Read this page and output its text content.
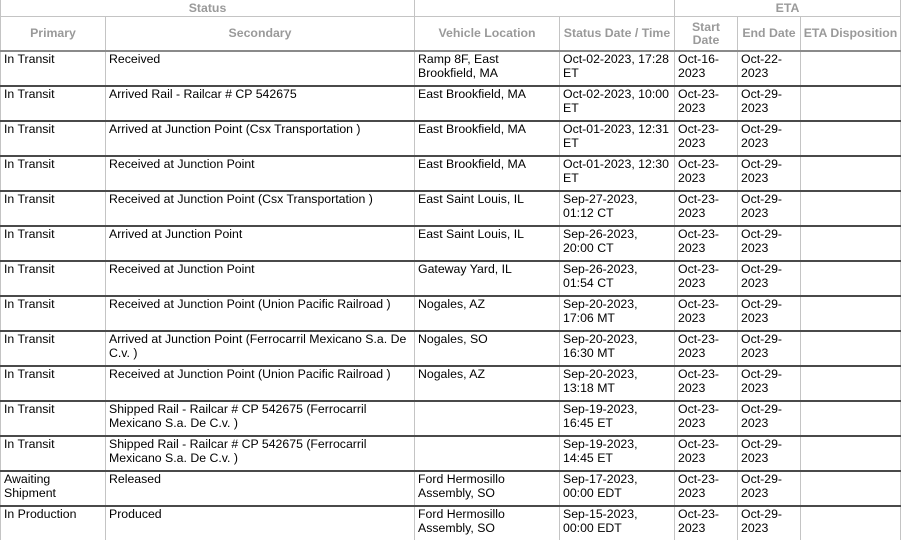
Status				ETA		
Primary	Secondary	Vehicle Location	Status Date / Time	Start Date	End Date	ETA Disposition
In Transit	Received	Ramp 8F, East Brookfield, MA	Oct-02-2023, 17:28 ET	Oct-16-2023	Oct-22-2023	
In Transit	Arrived Rail - Railcar # CP 542675	East Brookfield, MA	Oct-02-2023, 10:00 ET	Oct-23-2023	Oct-29-2023	
In Transit	Arrived at Junction Point (Csx Transportation )	East Brookfield, MA	Oct-01-2023, 12:31 ET	Oct-23-2023	Oct-29-2023	
In Transit	Received at Junction Point	East Brookfield, MA	Oct-01-2023, 12:30 ET	Oct-23-2023	Oct-29-2023	
In Transit	Received at Junction Point (Csx Transportation )	East Saint Louis, IL	Sep-27-2023, 01:12 CT	Oct-23-2023	Oct-29-2023	
In Transit	Arrived at Junction Point	East Saint Louis, IL	Sep-26-2023, 20:00 CT	Oct-23-2023	Oct-29-2023	
In Transit	Received at Junction Point	Gateway Yard, IL	Sep-26-2023, 01:54 CT	Oct-23-2023	Oct-29-2023	
In Transit	Received at Junction Point (Union Pacific Railroad )	Nogales, AZ	Sep-20-2023, 17:06 MT	Oct-23-2023	Oct-29-2023	
In Transit	Arrived at Junction Point (Ferrocarril Mexicano S.a. De C.v. )	Nogales, SO	Sep-20-2023, 16:30 MT	Oct-23-2023	Oct-29-2023	
In Transit	Received at Junction Point (Union Pacific Railroad )	Nogales, AZ	Sep-20-2023, 13:18 MT	Oct-23-2023	Oct-29-2023	
In Transit	Shipped Rail - Railcar # CP 542675 (Ferrocarril Mexicano S.a. De C.v. )		Sep-19-2023, 16:45 ET	Oct-23-2023	Oct-29-2023	
In Transit	Shipped Rail - Railcar # CP 542675 (Ferrocarril Mexicano S.a. De C.v. )		Sep-19-2023, 14:45 ET	Oct-23-2023	Oct-29-2023	
Awaiting Shipment	Released	Ford Hermosillo Assembly, SO	Sep-17-2023, 00:00 EDT	Oct-23-2023	Oct-29-2023	
In Production	Produced	Ford Hermosillo Assembly, SO	Sep-15-2023, 00:00 EDT	Oct-23-2023	Oct-29-2023	
